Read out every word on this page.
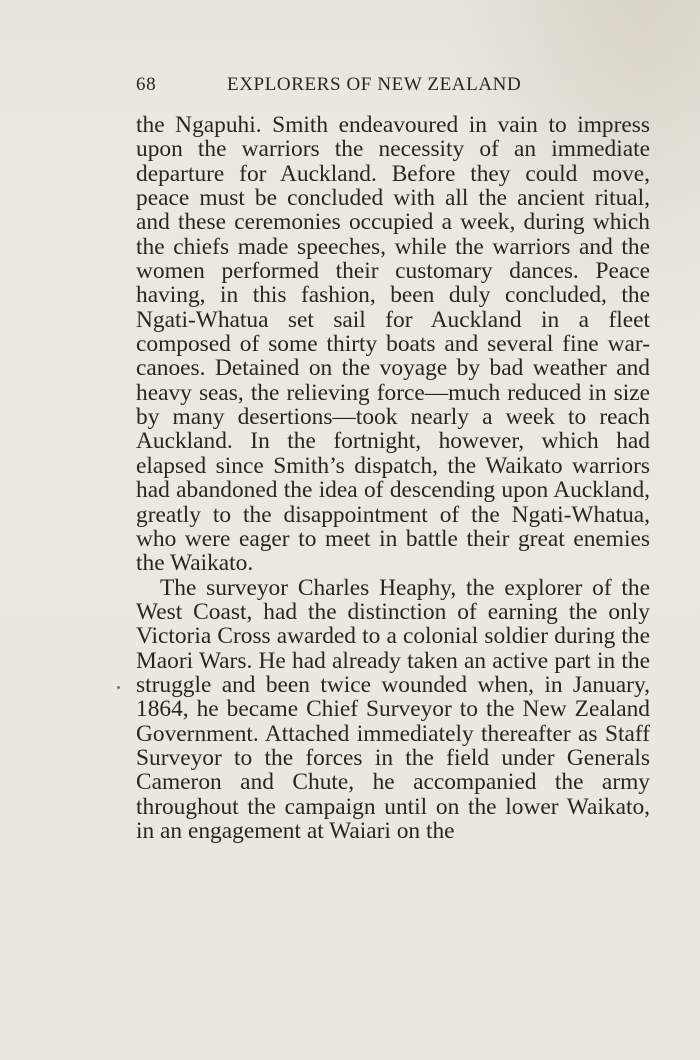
68	EXPLORERS OF NEW ZEALAND

the Ngapuhi. Smith endeavoured in vain to impress upon the warriors the necessity of an immediate departure for Auckland. Before they could move, peace must be concluded with all the ancient ritual, and these ceremonies occupied a week, during which the chiefs made speeches, while the warriors and the women performed their customary dances. Peace having, in this fashion, been duly concluded, the Ngati-Whatua set sail for Auckland in a fleet composed of some thirty boats and several fine war-canoes. Detained on the voyage by bad weather and heavy seas, the relieving force—much reduced in size by many desertions—took nearly a week to reach Auckland. In the fortnight, however, which had elapsed since Smith’s dispatch, the Waikato warriors had abandoned the idea of descending upon Auckland, greatly to the disappointment of the Ngati-Whatua, who were eager to meet in battle their great enemies the Waikato.

The surveyor Charles Heaphy, the explorer of the West Coast, had the distinction of earning the only Victoria Cross awarded to a colonial soldier during the Maori Wars. He had already taken an active part in the struggle and been twice wounded when, in January, 1864, he became Chief Surveyor to the New Zealand Government. Attached immediately thereafter as Staff Surveyor to the forces in the field under Generals Cameron and Chute, he accompanied the army throughout the campaign until on the lower Waikato, in an engagement at Waiari on the
